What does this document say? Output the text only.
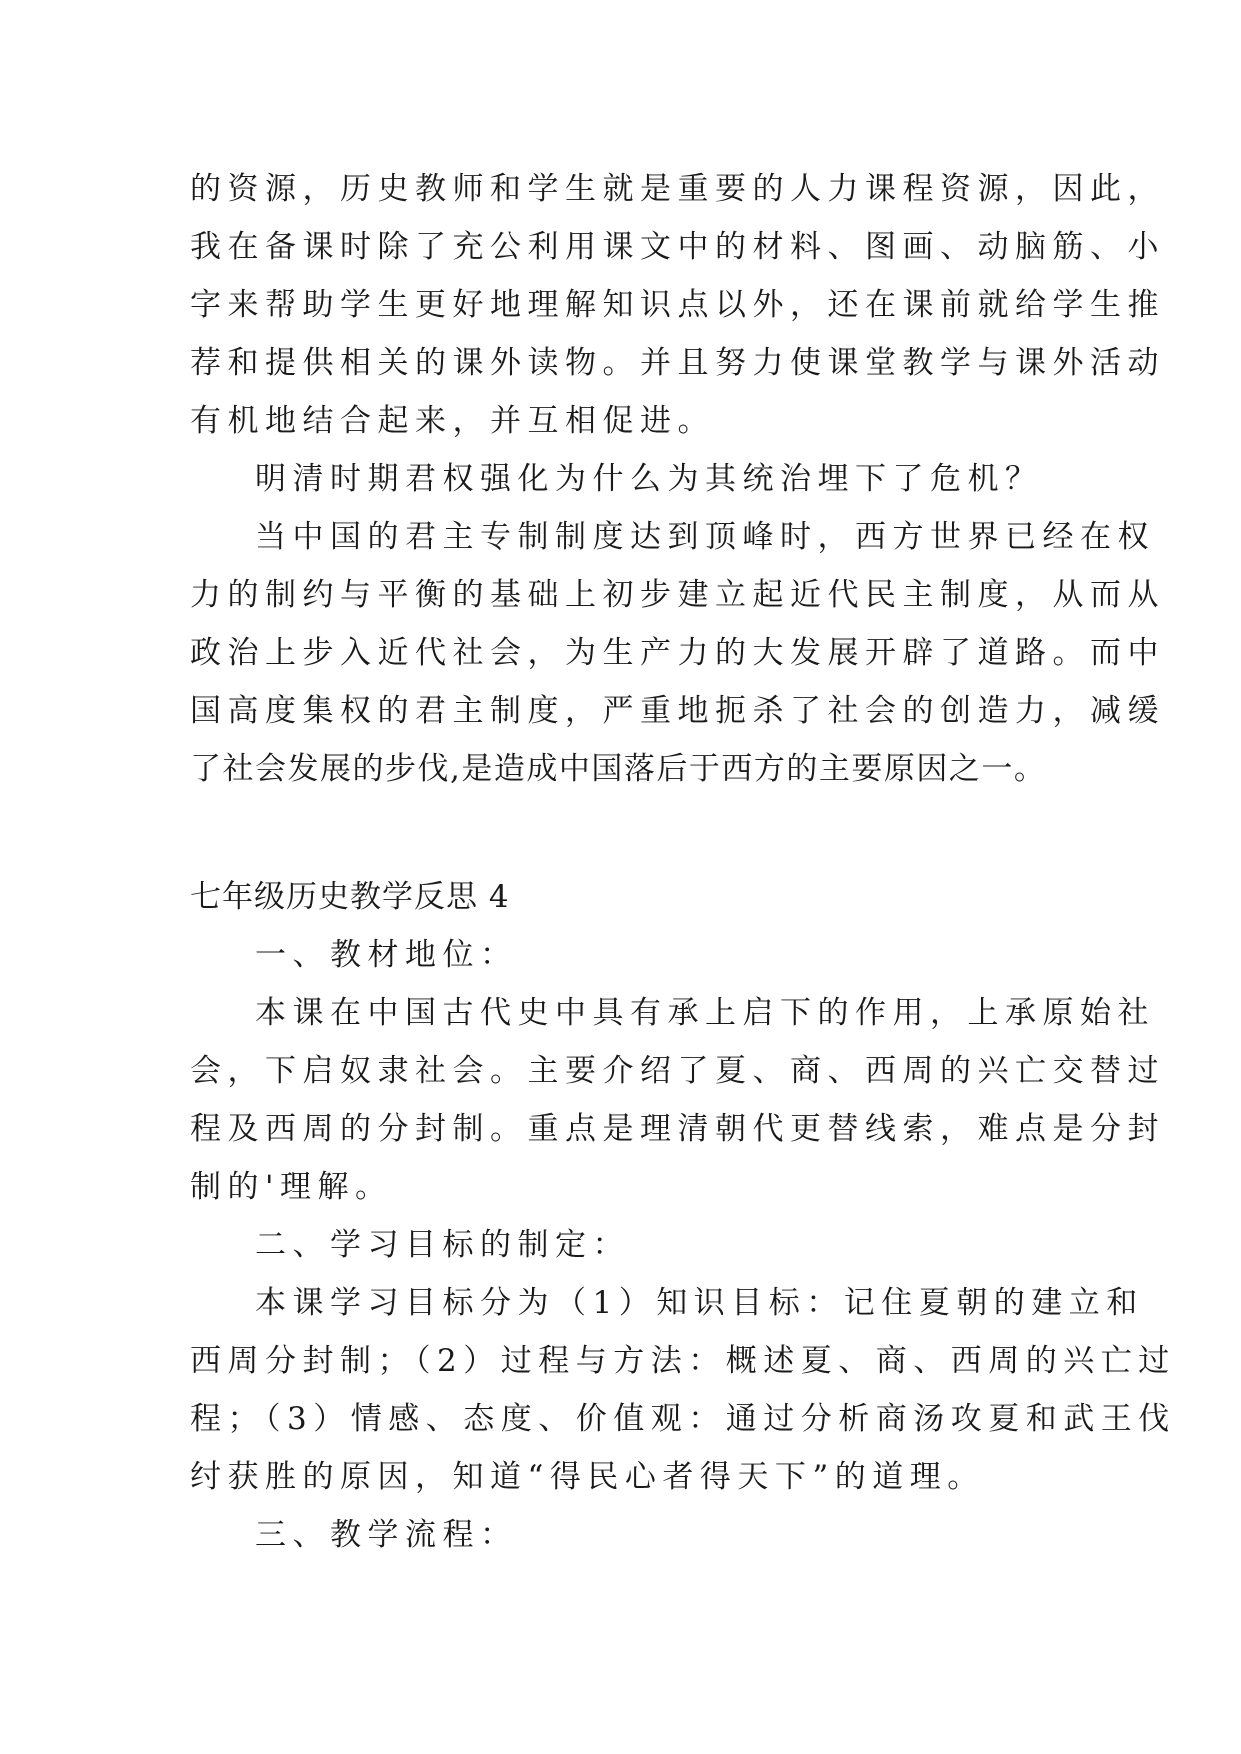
的资源，历史教师和学生就是重要的人力课程资源，因此，

我在备课时除了充公利用课文中的材料、图画、动脑筋、小

字来帮助学生更好地理解知识点以外，还在课前就给学生推

荐和提供相关的课外读物。并且努力使课堂教学与课外活动

有机地结合起来，并互相促进。

明清时期君权强化为什么为其统治埋下了危机？

当中国的君主专制制度达到顶峰时，西方世界已经在权

力的制约与平衡的基础上初步建立起近代民主制度，从而从

政治上步入近代社会，为生产力的大发展开辟了道路。而中

国高度集权的君主制度，严重地扼杀了社会的创造力，减缓

了社会发展的步伐,是造成中国落后于西方的主要原因之一。

七年级历史教学反思 4

一、教材地位：

本课在中国古代史中具有承上启下的作用，上承原始社

会，下启奴隶社会。主要介绍了夏、商、西周的兴亡交替过

程及西周的分封制。重点是理清朝代更替线索，难点是分封

制的'理解。

二、学习目标的制定：

本课学习目标分为（1）知识目标：记住夏朝的建立和

西周分封制；（2）过程与方法：概述夏、商、西周的兴亡过

程；（3）情感、态度、价值观：通过分析商汤攻夏和武王伐

纣获胜的原因，知道“得民心者得天下”的道理。

三、教学流程：
